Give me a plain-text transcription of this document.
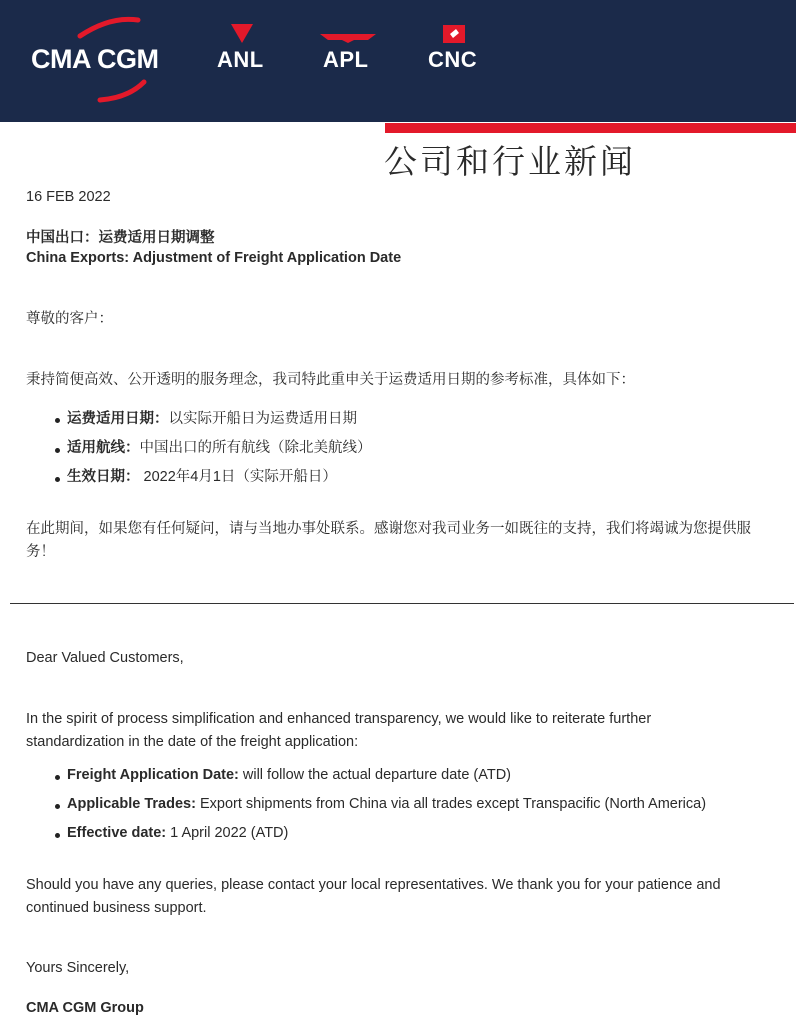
CMA CGM	ANL	APL	CNC
公司和行业新闻
16 FEB 2022
中国出口：运费适用日期调整
China Exports: Adjustment of Freight Application Date
尊敬的客户：
秉持简便高效、公开透明的服务理念，我司特此重申关于运费适用日期的参考标准，具体如下：
运费适用日期：以实际开船日为运费适用日期
适用航线：中国出口的所有航线（除北美航线）
生效日期： 2022年4月1日（实际开船日）
在此期间，如果您有任何疑问，请与当地办事处联系。感谢您对我司业务一如既往的支持，我们将竭诚为您提供服
务！
Dear Valued Customers,
In the spirit of process simplification and enhanced transparency, we would like to reiterate further
standardization in the date of the freight application:
Freight Application Date: will follow the actual departure date (ATD)
Applicable Trades: Export shipments from China via all trades except Transpacific (North America)
Effective date: 1 April 2022 (ATD)
Should you have any queries, please contact your local representatives. We thank you for your patience and
continued business support.
Yours Sincerely,
CMA CGM Group
